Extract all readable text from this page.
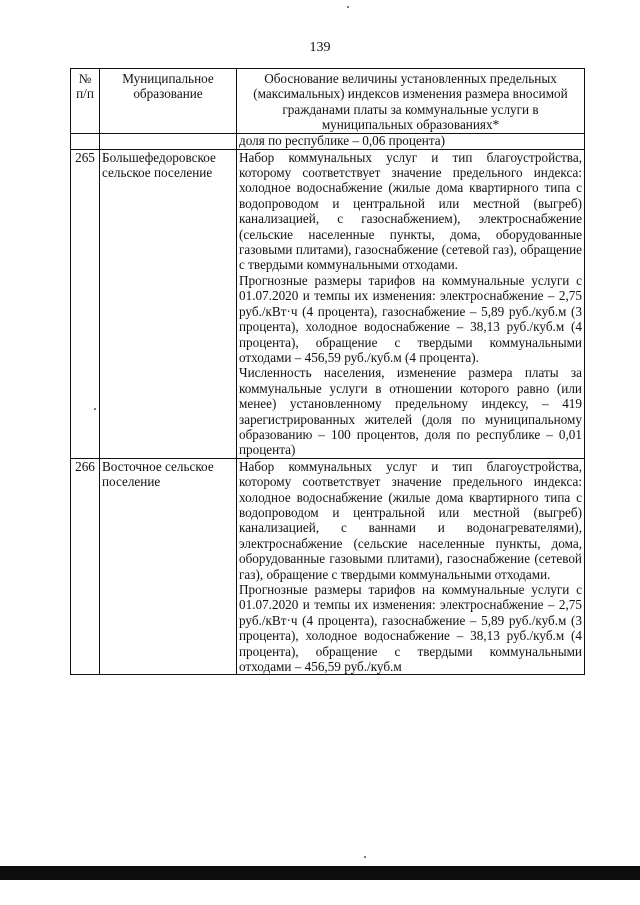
139
№ п/п	Муниципальное образование	Обоснование величины установленных предельных (максимальных) индексов изменения размера вносимой гражданами платы за коммунальные услуги в муниципальных образованиях*
		доля по республике – 0,06 процента)
265	Большефедоровское сельское поселение	Набор коммунальных услуг и тип благоустройства, которому соответствует значение предельного индекса: холодное водоснабжение (жилые дома квартирного типа с водопроводом и центральной или местной (выгреб) канализацией, с газоснабжением), электроснабжение (сельские населенные пункты, дома, оборудованные газовыми плитами), газоснабжение (сетевой газ), обращение с твердыми коммунальными отходами.
Прогнозные размеры тарифов на коммунальные услуги с 01.07.2020 и темпы их изменения: электроснабжение – 2,75 руб./кВт·ч (4 процента), газоснабжение – 5,89 руб./куб.м (3 процента), холодное водоснабжение – 38,13 руб./куб.м (4 процента), обращение с твердыми коммунальными отходами – 456,59 руб./куб.м (4 процента).
Численность населения, изменение размера платы за коммунальные услуги в отношении которого равно (или менее) установленному предельному индексу, – 419 зарегистрированных жителей (доля по муниципальному образованию – 100 процентов, доля по республике – 0,01 процента)

266	Восточное сельское поселение	Набор коммунальных услуг и тип благоустройства, которому соответствует значение предельного индекса: холодное водоснабжение (жилые дома квартирного типа с водопроводом и центральной или местной (выгреб) канализацией, с ваннами и водонагревателями), электроснабжение (сельские населенные пункты, дома, оборудованные газовыми плитами), газоснабжение (сетевой газ), обращение с твердыми коммунальными отходами.
Прогнозные размеры тарифов на коммунальные услуги с 01.07.2020 и темпы их изменения: электроснабжение – 2,75 руб./кВт·ч (4 процента), газоснабжение – 5,89 руб./куб.м (3 процента), холодное водоснабжение – 38,13 руб./куб.м (4 процента), обращение с твердыми коммунальными отходами – 456,59 руб./куб.м
